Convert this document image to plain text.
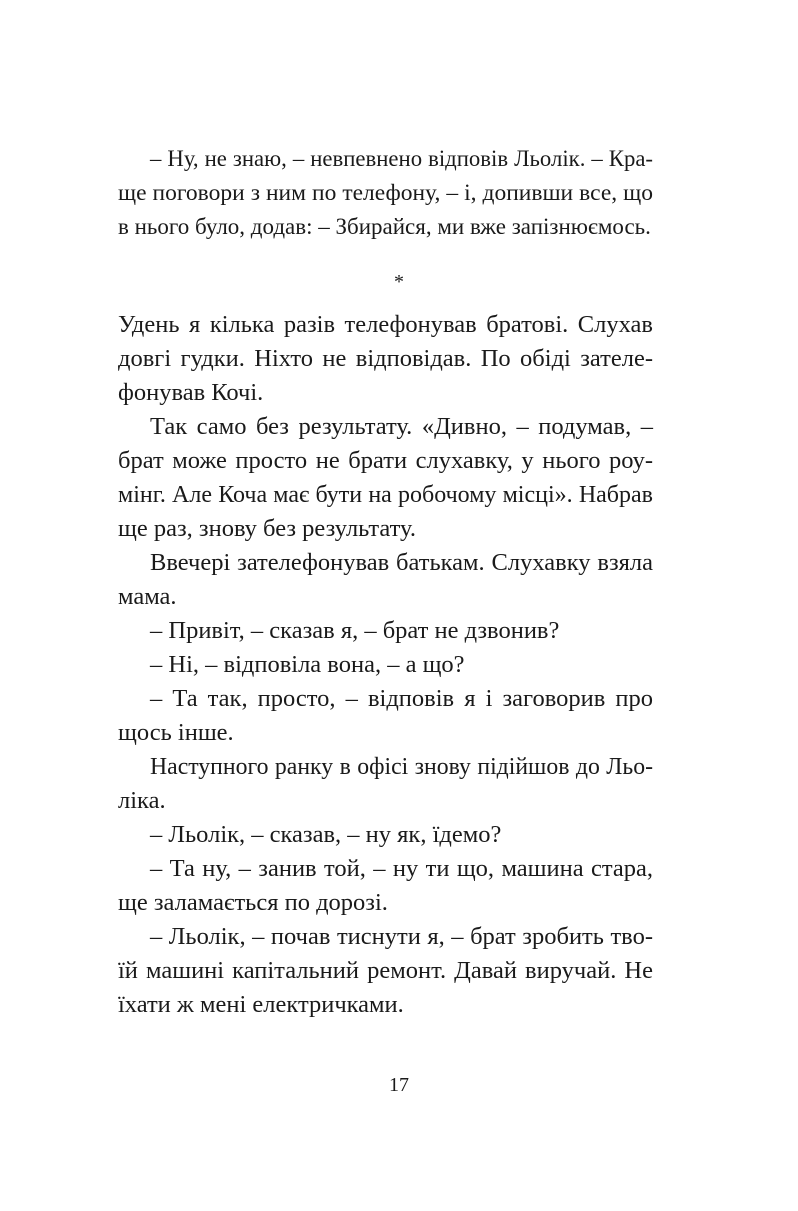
– Ну, не знаю, – невпевнено відповів Льолік. – Кра-
ще поговори з ним по телефону, – і, допивши все, що
в нього було, додав: – Збирайся, ми вже запізнюємось.
*
Удень я кілька разів телефонував братові. Слухав
довгі гудки. Ніхто не відповідав. По обіді зателе-
фонував Кочі.
Так само без результату. «Дивно, – подумав, –
брат може просто не брати слухавку, у нього роу-
мінг. Але Коча має бути на робочому місці». Набрав
ще раз, знову без результату.
Ввечері зателефонував батькам. Слухавку взяла
мама.
– Привіт, – сказав я, – брат не дзвонив?
– Ні, – відповіла вона, – а що?
– Та так, просто, – відповів я і заговорив про
щось інше.
Наступного ранку в офісі знову підійшов до Льо-
ліка.
– Льолік, – сказав, – ну як, їдемо?
– Та ну, – занив той, – ну ти що, машина стара,
ще заламається по дорозі.
– Льолік, – почав тиснути я, – брат зробить тво-
їй машині капітальний ремонт. Давай виручай. Не
їхати ж мені електричками.
17
